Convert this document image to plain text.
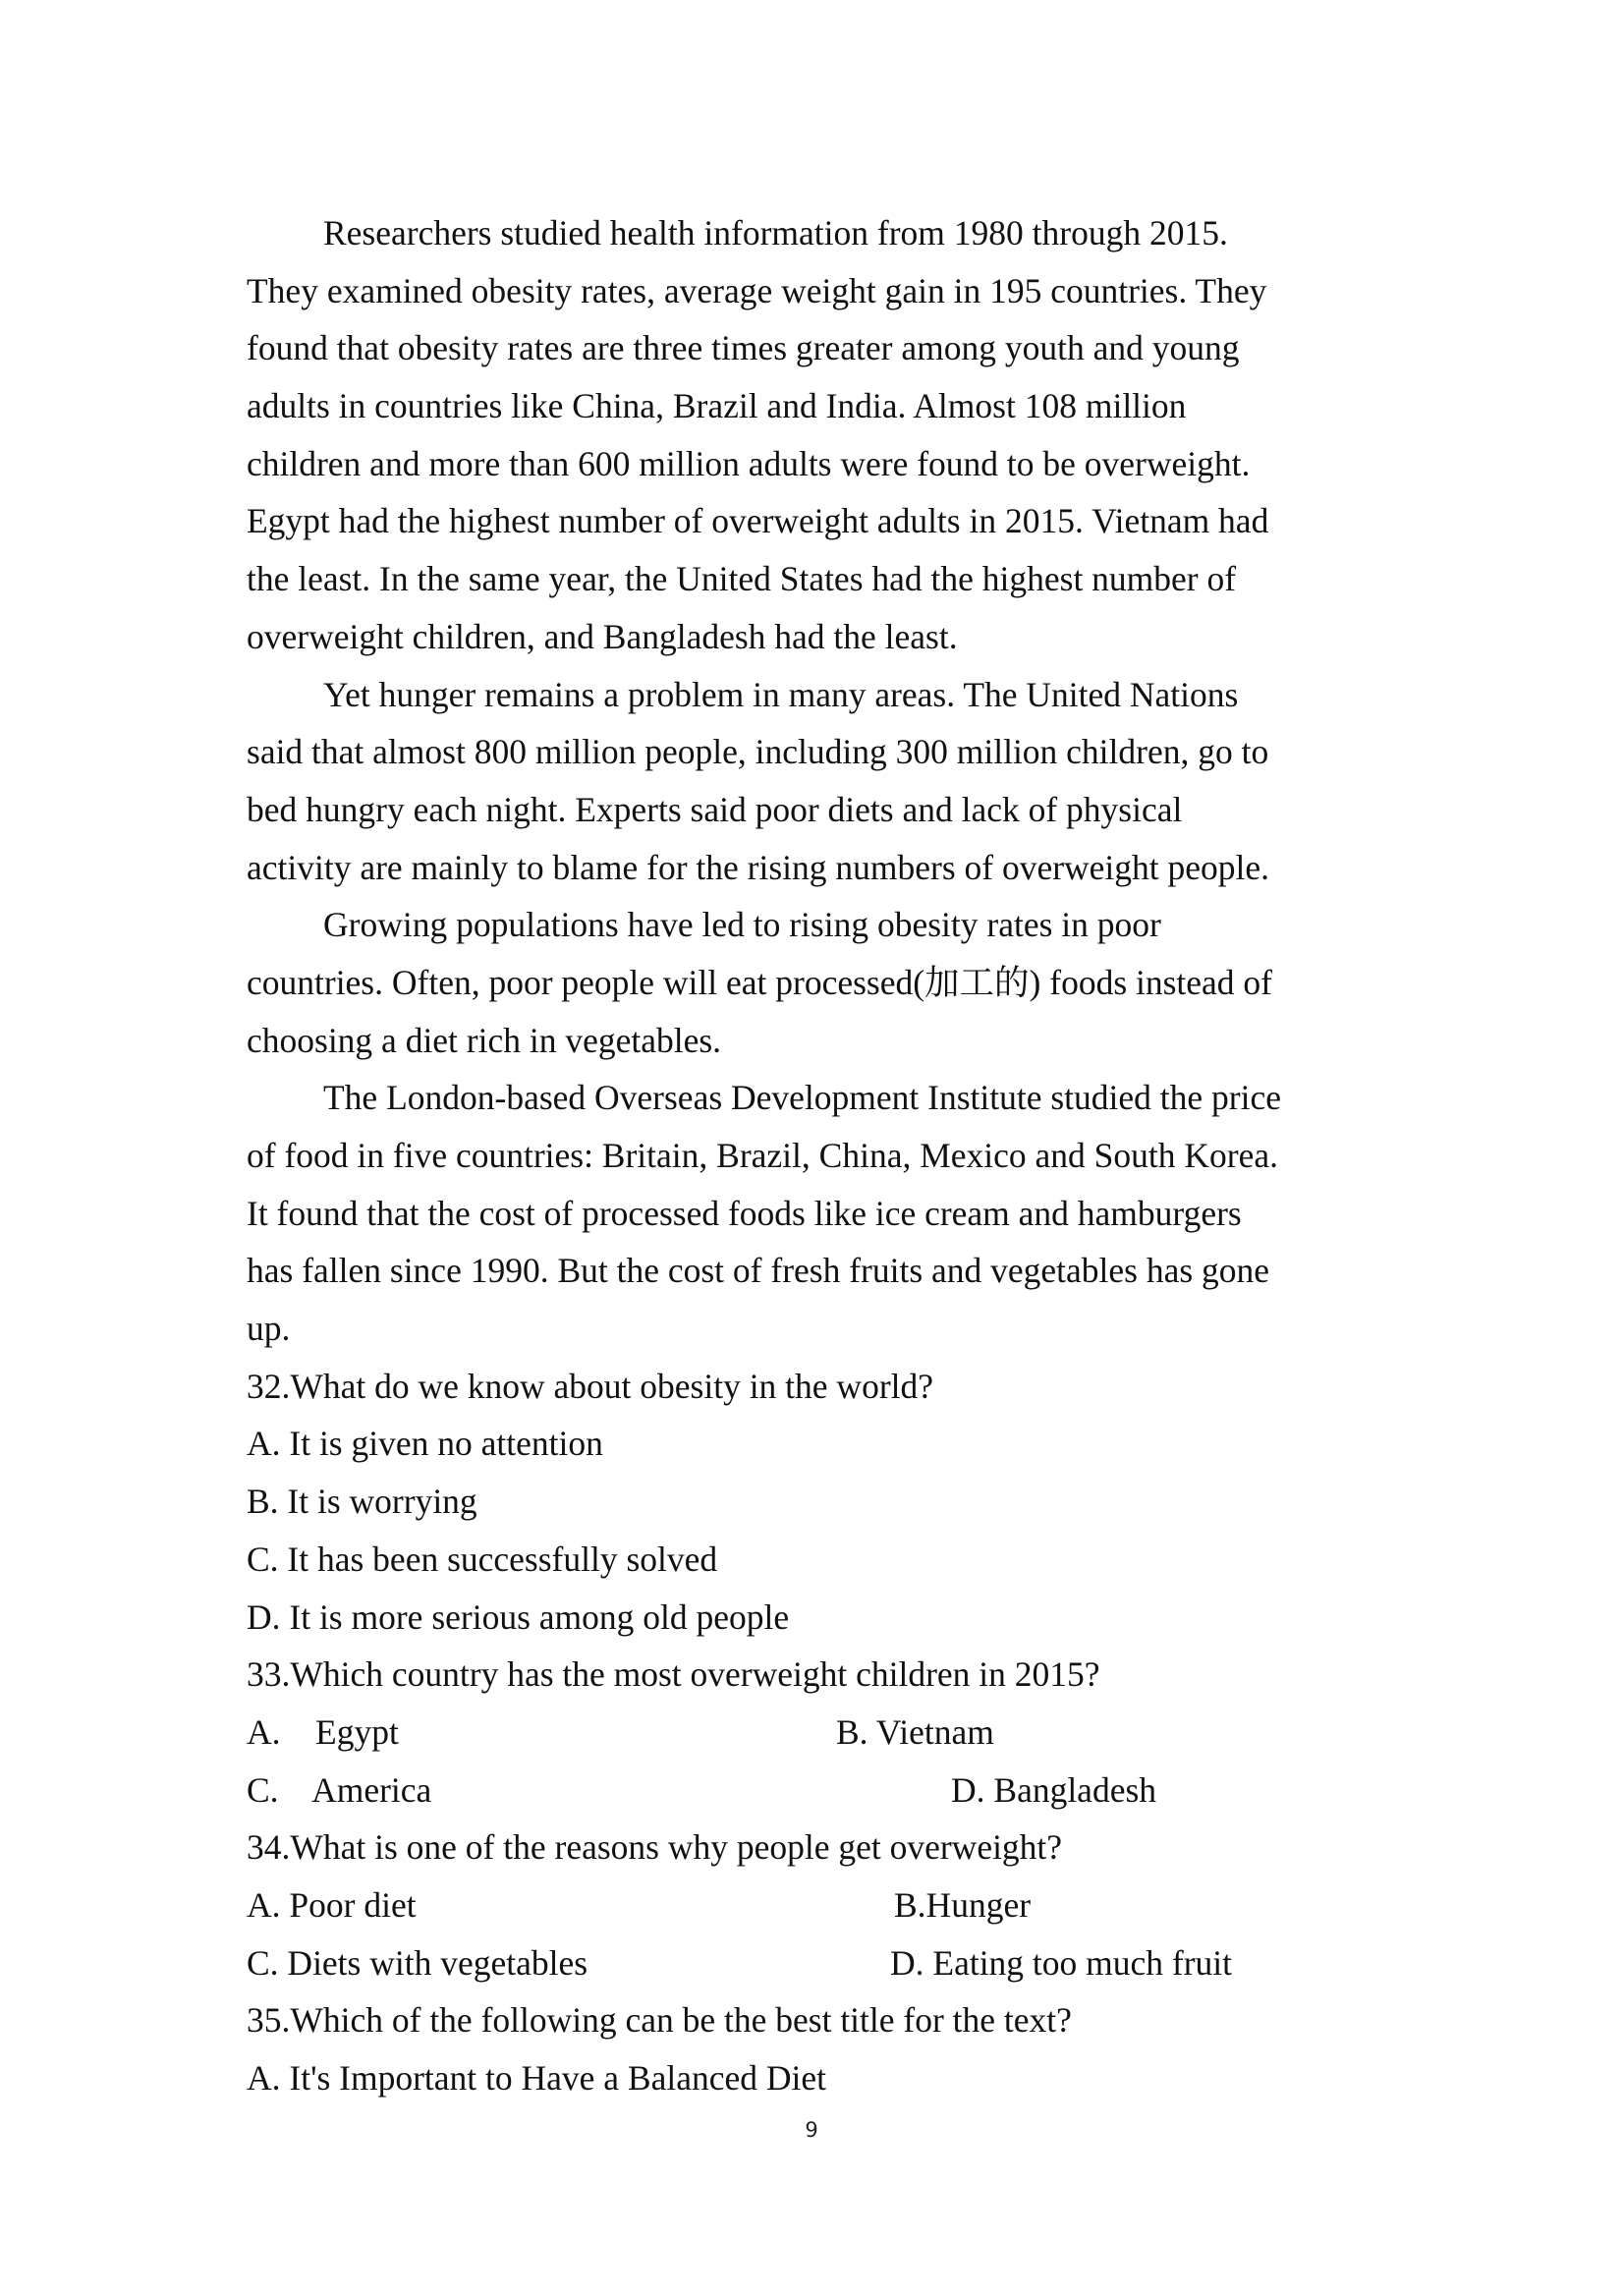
Researchers studied health information from 1980 through 2015.
They examined obesity rates, average weight gain in 195 countries. They
found that obesity rates are three times greater among youth and young
adults in countries like China, Brazil and India. Almost 108 million
children and more than 600 million adults were found to be overweight.
Egypt had the highest number of overweight adults in 2015. Vietnam had
the least. In the same year, the United States had the highest number of
overweight children, and Bangladesh had the least.
Yet hunger remains a problem in many areas. The United Nations
said that almost 800 million people, including 300 million children, go to
bed hungry each night. Experts said poor diets and lack of physical
activity are mainly to blame for the rising numbers of overweight people.
Growing populations have led to rising obesity rates in poor
countries. Often, poor people will eat processed(加工的) foods instead of
choosing a diet rich in vegetables.
The London-based Overseas Development Institute studied the price
of food in five countries: Britain, Brazil, China, Mexico and South Korea.
It found that the cost of processed foods like ice cream and hamburgers
has fallen since 1990. But the cost of fresh fruits and vegetables has gone
up.
32.What do we know about obesity in the world?
A. It is given no attention
B. It is worrying
C. It has been successfully solved
D. It is more serious among old people
33.Which country has the most overweight children in 2015?
A.    Egypt	B. Vietnam
C.    America	D. Bangladesh
34.What is one of the reasons why people get overweight?
A. Poor diet	B.Hunger
C. Diets with vegetables	D. Eating too much fruit
35.Which of the following can be the best title for the text?
A. It's Important to Have a Balanced Diet
9
